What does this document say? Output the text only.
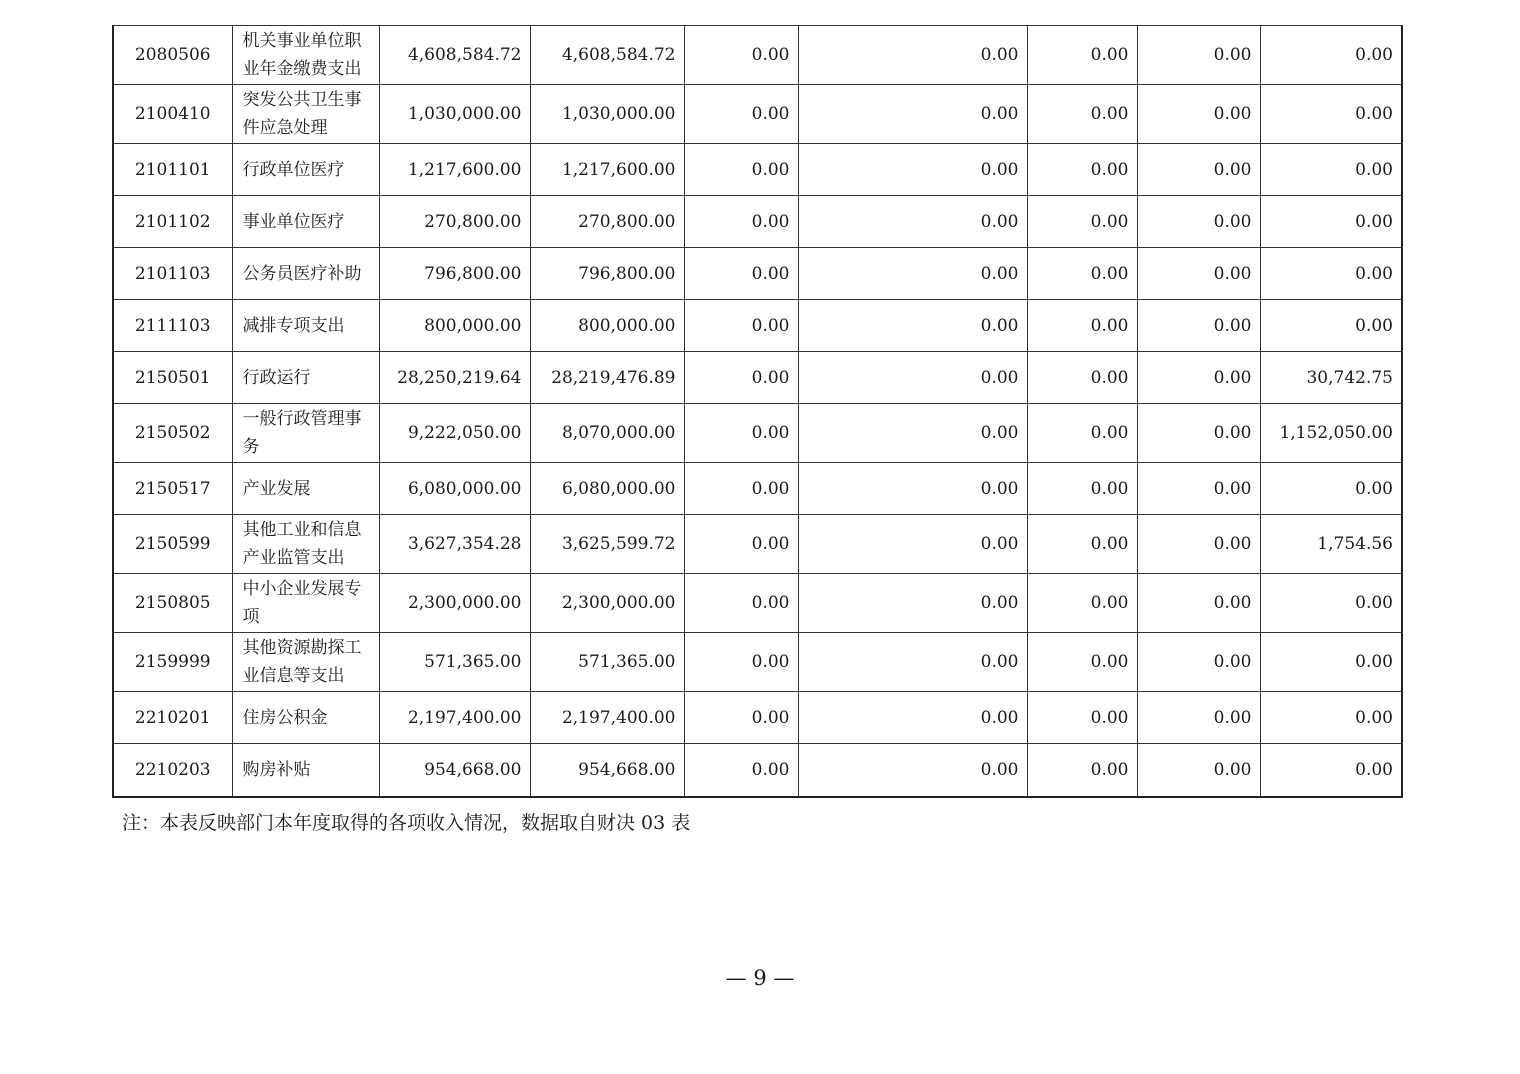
2080506	机关事业单位职业年金缴费支出	4,608,584.72	4,608,584.72	0.00	0.00	0.00	0.00	0.00
2100410	突发公共卫生事件应急处理	1,030,000.00	1,030,000.00	0.00	0.00	0.00	0.00	0.00
2101101	行政单位医疗	1,217,600.00	1,217,600.00	0.00	0.00	0.00	0.00	0.00
2101102	事业单位医疗	270,800.00	270,800.00	0.00	0.00	0.00	0.00	0.00
2101103	公务员医疗补助	796,800.00	796,800.00	0.00	0.00	0.00	0.00	0.00
2111103	减排专项支出	800,000.00	800,000.00	0.00	0.00	0.00	0.00	0.00
2150501	行政运行	28,250,219.64	28,219,476.89	0.00	0.00	0.00	0.00	30,742.75
2150502	一般行政管理事务	9,222,050.00	8,070,000.00	0.00	0.00	0.00	0.00	1,152,050.00
2150517	产业发展	6,080,000.00	6,080,000.00	0.00	0.00	0.00	0.00	0.00
2150599	其他工业和信息产业监管支出	3,627,354.28	3,625,599.72	0.00	0.00	0.00	0.00	1,754.56
2150805	中小企业发展专项	2,300,000.00	2,300,000.00	0.00	0.00	0.00	0.00	0.00
2159999	其他资源勘探工业信息等支出	571,365.00	571,365.00	0.00	0.00	0.00	0.00	0.00
2210201	住房公积金	2,197,400.00	2,197,400.00	0.00	0.00	0.00	0.00	0.00
2210203	购房补贴	954,668.00	954,668.00	0.00	0.00	0.00	0.00	0.00
注：本表反映部门本年度取得的各项收入情况，数据取自财决 03 表
— 9 —
